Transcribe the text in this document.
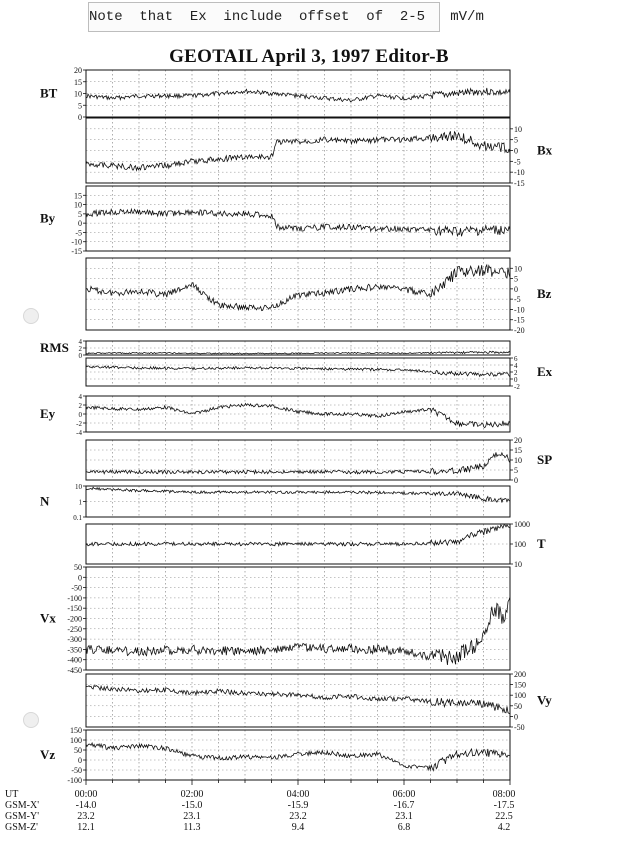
Note  that  Ex  include  offset  of  2-5   mV/m
GEOTAIL April 3, 1997 Editor-B
0
5
10
15
20
BT
10
5
0
-5
-10
-15
Bx
15
10
5
0
-5
-10
-15
By
10
5
0
-5
-10
-15
-20
Bz
0
2
4
RMS
6
4
2
0
-2
Ex
4
2
0
-2
-4
Ey
20
15
10
5
0
SP
10
1
0.1
N
1000
100
10
T
50
0
-50
-100
-150
-200
-250
-300
-350
-400
-450
Vx
200
150
100
50
0
-50
Vy
150
100
50
0
-50
-100
Vz
UT	00:00	02:00	04:00	06:00	08:00
GSM-X'	-14.0	-15.0	-15.9	-16.7	-17.5
GSM-Y'	23.2	23.1	23.2	23.1	22.5
GSM-Z'	12.1	11.3	9.4	6.8	4.2
